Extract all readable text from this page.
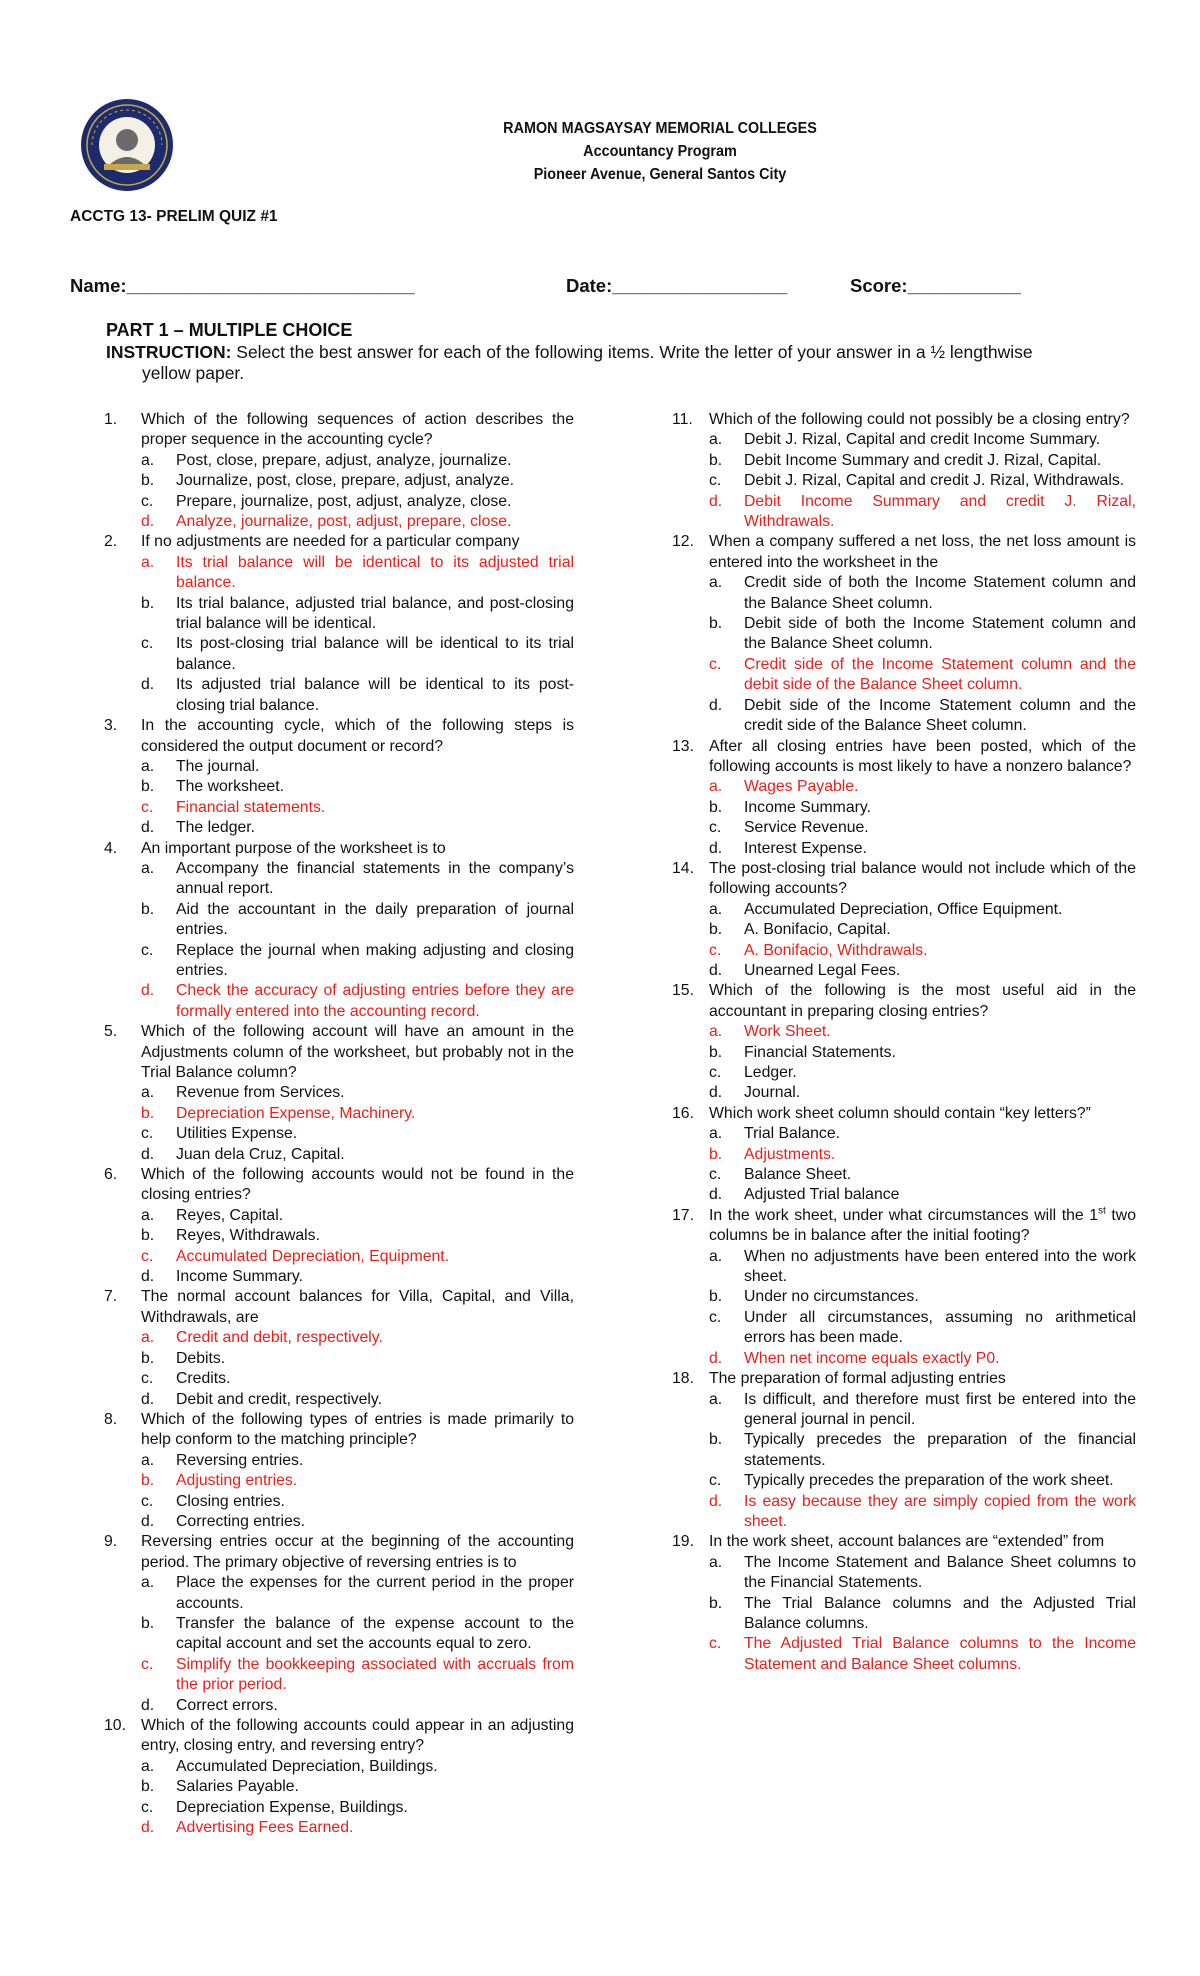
RAMON MAGSAYSAY MEMORIAL COLLEGES
Accountancy Program
Pioneer Avenue, General Santos City
ACCTG 13- PRELIM QUIZ #1
Name:____________________________	Date:_________________	Score:___________
PART 1 – MULTIPLE CHOICE
INSTRUCTION: Select the best answer for each of the following items. Write the letter of your answer in a ½ lengthwise
yellow paper.
1.	Which of the following sequences of action describes the proper sequence in the accounting cycle?
a.	Post, close, prepare, adjust, analyze, journalize.
b.	Journalize, post, close, prepare, adjust, analyze.
c.	Prepare, journalize, post, adjust, analyze, close.
d.	Analyze, journalize, post, adjust, prepare, close.
2.	If no adjustments are needed for a particular company
a.	Its trial balance will be identical to its adjusted trial balance.
b.	Its trial balance, adjusted trial balance, and post-closing trial balance will be identical.
c.	Its post-closing trial balance will be identical to its trial balance.
d.	Its adjusted trial balance will be identical to its post-closing trial balance.
3.	In the accounting cycle, which of the following steps is considered the output document or record?
a.	The journal.
b.	The worksheet.
c.	Financial statements.
d.	The ledger.
4.	An important purpose of the worksheet is to
a.	Accompany the financial statements in the company’s annual report.
b.	Aid the accountant in the daily preparation of journal entries.
c.	Replace the journal when making adjusting and closing entries.
d.	Check the accuracy of adjusting entries before they are formally entered into the accounting record.
5.	Which of the following account will have an amount in the Adjustments column of the worksheet, but probably not in the Trial Balance column?
a.	Revenue from Services.
b.	Depreciation Expense, Machinery.
c.	Utilities Expense.
d.	Juan dela Cruz, Capital.
6.	Which of the following accounts would not be found in the closing entries?
a.	Reyes, Capital.
b.	Reyes, Withdrawals.
c.	Accumulated Depreciation, Equipment.
d.	Income Summary.
7.	The normal account balances for Villa, Capital, and Villa, Withdrawals, are
a.	Credit and debit, respectively.
b.	Debits.
c.	Credits.
d.	Debit and credit, respectively.
8.	Which of the following types of entries is made primarily to help conform to the matching principle?
a.	Reversing entries.
b.	Adjusting entries.
c.	Closing entries.
d.	Correcting entries.
9.	Reversing entries occur at the beginning of the accounting period. The primary objective of reversing entries is to
a.	Place the expenses for the current period in the proper accounts.
b.	Transfer the balance of the expense account to the capital account and set the accounts equal to zero.
c.	Simplify the bookkeeping associated with accruals from the prior period.
d.	Correct errors.
10. Which of the following accounts could appear in an adjusting entry, closing entry, and reversing entry?
a.	Accumulated Depreciation, Buildings.
b.	Salaries Payable.
c.	Depreciation Expense, Buildings.
d.	Advertising Fees Earned.
11.	Which of the following could not possibly be a closing entry?
a.	Debit J. Rizal, Capital and credit Income Summary.
b.	Debit Income Summary and credit J. Rizal, Capital.
c.	Debit J. Rizal, Capital and credit J. Rizal, Withdrawals.
d.	Debit Income Summary and credit J. Rizal, Withdrawals.
12. When a company suffered a net loss, the net loss amount is entered into the worksheet in the
a.	Credit side of both the Income Statement column and the Balance Sheet column.
b.	Debit side of both the Income Statement column and the Balance Sheet column.
c.	Credit side of the Income Statement column and the debit side of the Balance Sheet column.
d.	Debit side of the Income Statement column and the credit side of the Balance Sheet column.
13. After all closing entries have been posted, which of the following accounts is most likely to have a nonzero balance?
a.	Wages Payable.
b.	Income Summary.
c.	Service Revenue.
d.	Interest Expense.
14. The post-closing trial balance would not include which of the following accounts?
a.	Accumulated Depreciation, Office Equipment.
b.	A. Bonifacio, Capital.
c.	A. Bonifacio, Withdrawals.
d.	Unearned Legal Fees.
15. Which of the following is the most useful aid in the accountant in preparing closing entries?
a.	Work Sheet.
b.	Financial Statements.
c.	Ledger.
d.	Journal.
16. Which work sheet column should contain “key letters?”
a.	Trial Balance.
b.	Adjustments.
c.	Balance Sheet.
d.	Adjusted Trial balance
17. In the work sheet, under what circumstances will the 1st two columns be in balance after the initial footing?
a.	When no adjustments have been entered into the work sheet.
b.	Under no circumstances.
c.	Under all circumstances, assuming no arithmetical errors has been made.
d.	When net income equals exactly P0.
18. The preparation of formal adjusting entries
a.	Is difficult, and therefore must first be entered into the general journal in pencil.
b.	Typically precedes the preparation of the financial statements.
c.	Typically precedes the preparation of the work sheet.
d.	Is easy because they are simply copied from the work sheet.
19. In the work sheet, account balances are “extended” from
a.	The Income Statement and Balance Sheet columns to the Financial Statements.
b.	The Trial Balance columns and the Adjusted Trial Balance columns.
c.	The Adjusted Trial Balance columns to the Income Statement and Balance Sheet columns.
